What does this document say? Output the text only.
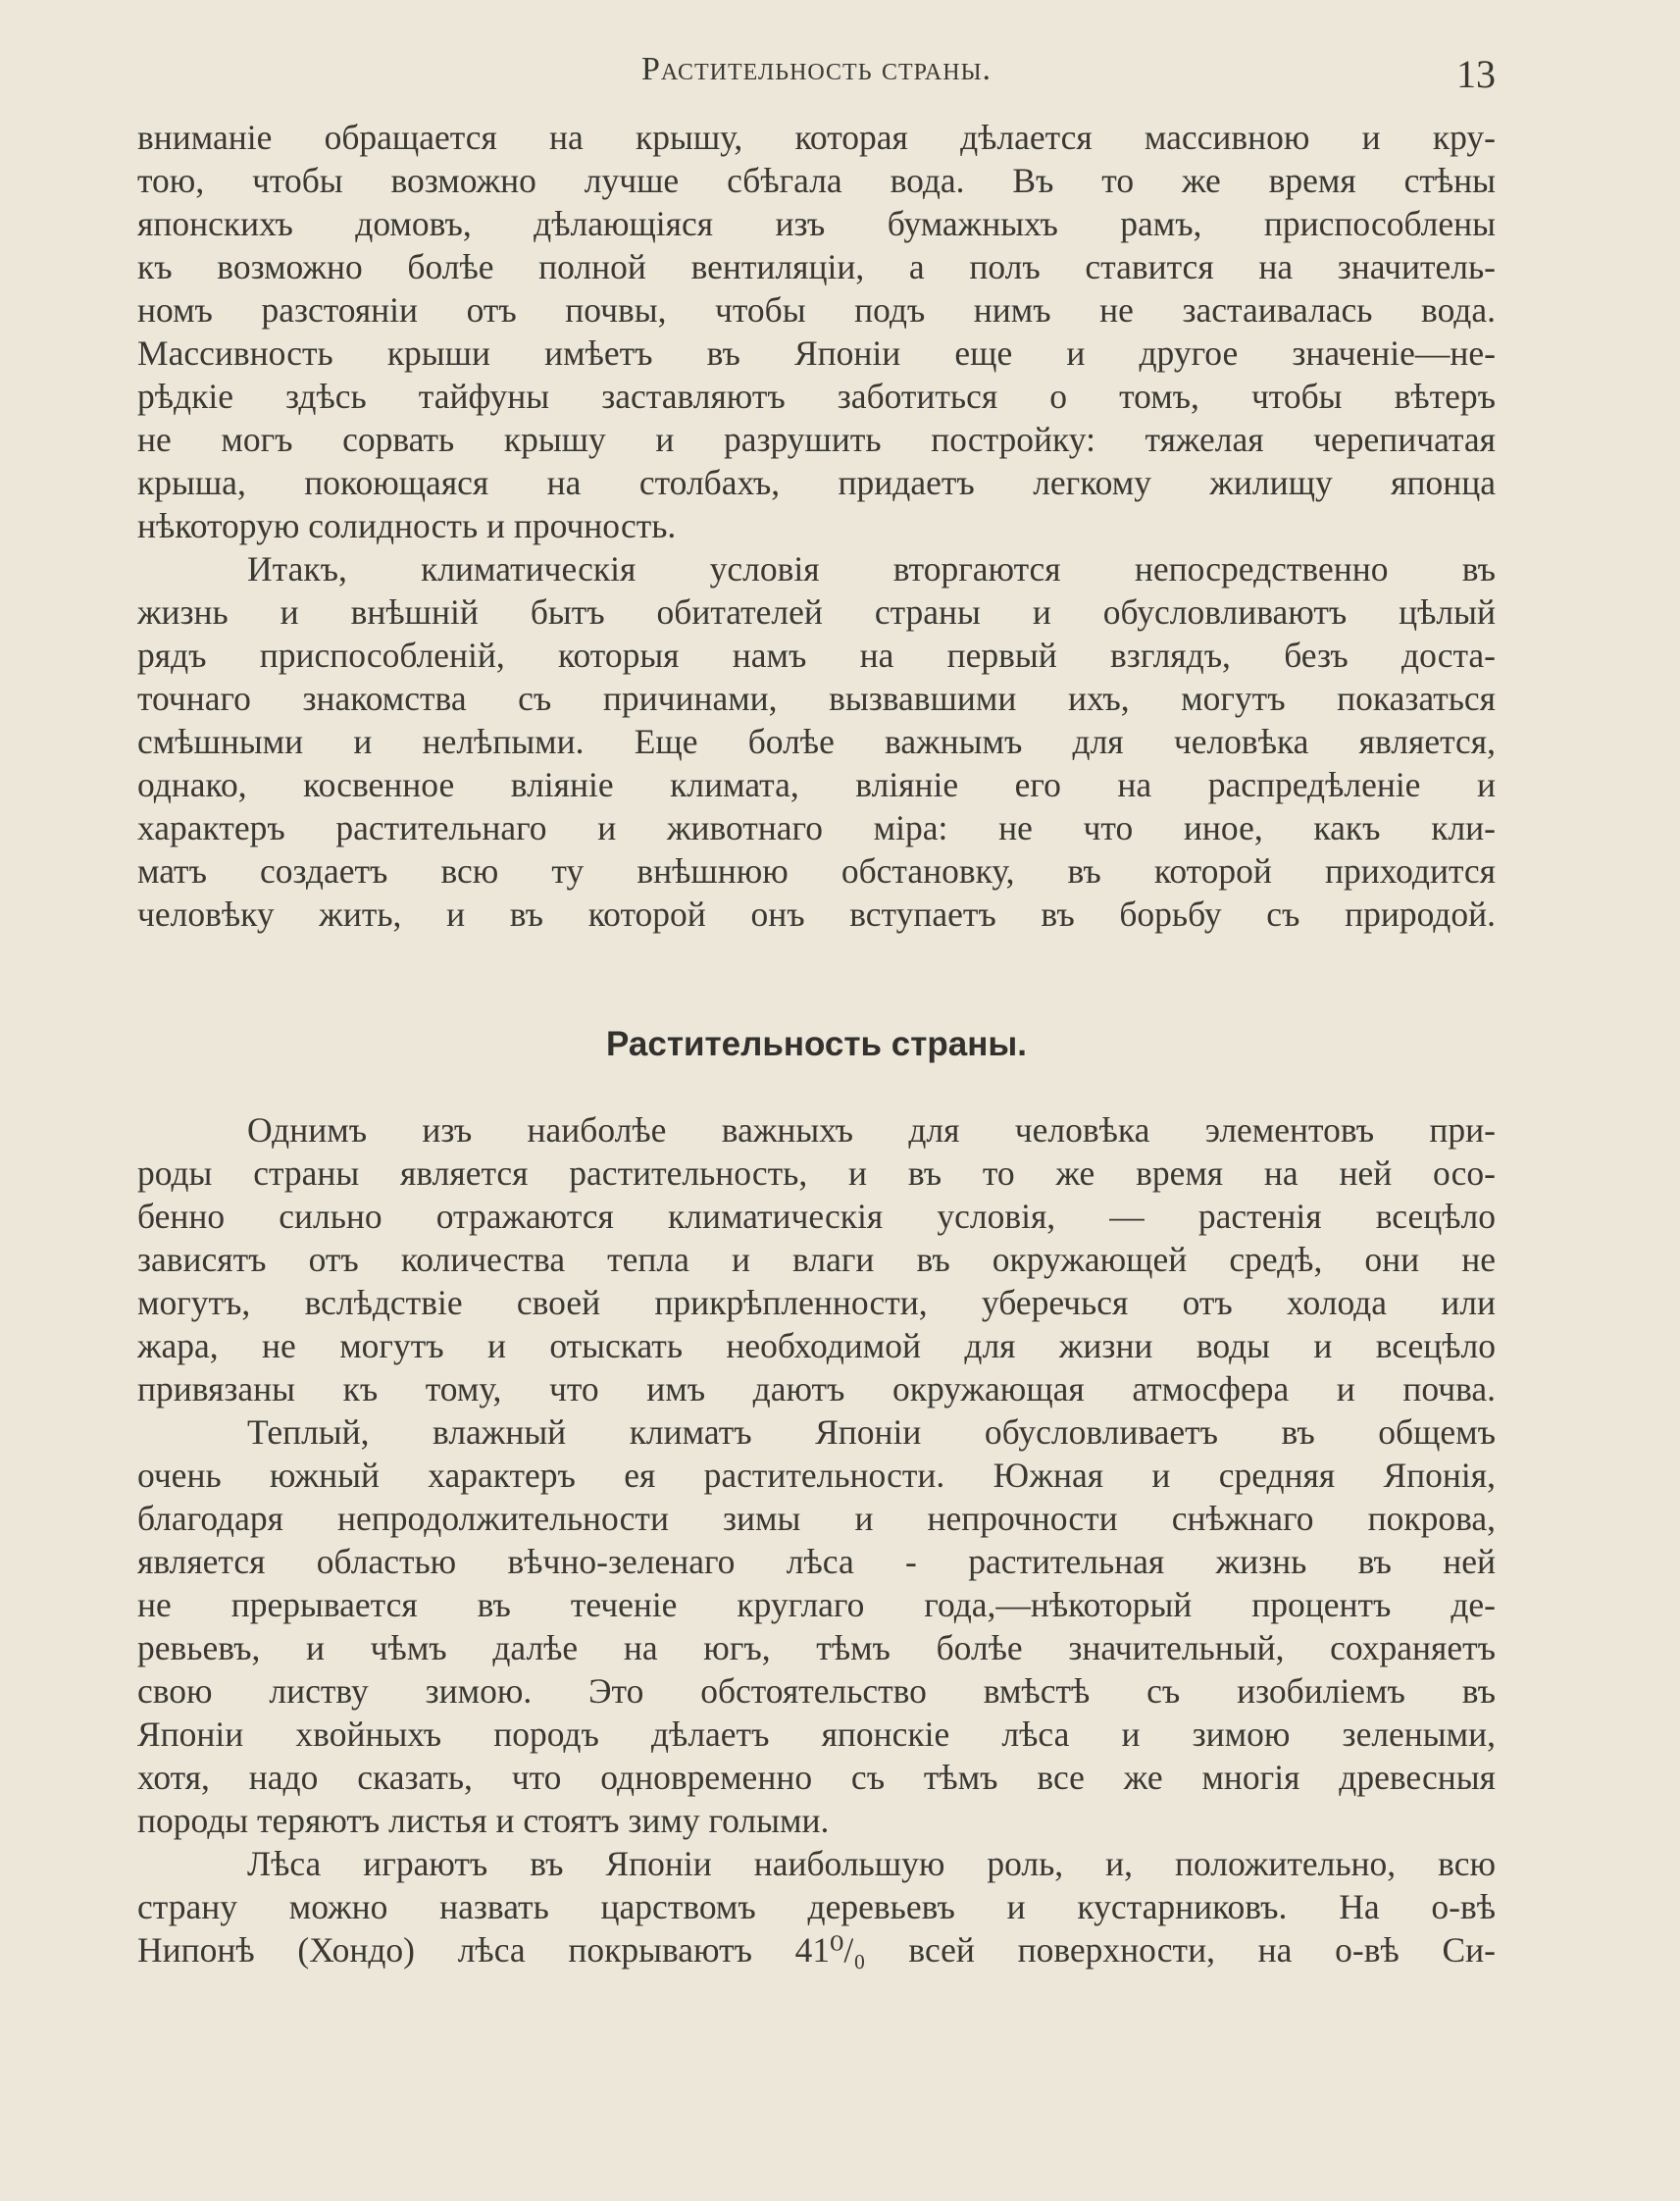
Растительность страны.	13
вниманіе обращается на крышу, которая дѣлается массивною и кру-
тою, чтобы возможно лучше сбѣгала вода. Въ то же время стѣны
японскихъ домовъ, дѣлающіяся изъ бумажныхъ рамъ, приспособлены
къ возможно болѣе полной вентиляціи, а полъ ставится на значитель-
номъ разстояніи отъ почвы, чтобы подъ нимъ не застаивалась вода.
Массивность крыши имѣетъ въ Японіи еще и другое значеніе—не-
рѣдкіе здѣсь тайфуны заставляютъ заботиться о томъ, чтобы вѣтеръ
не могъ сорвать крышу и разрушить постройку: тяжелая черепичатая
крыша, покоющаяся на столбахъ, придаетъ легкому жилищу японца
нѣкоторую солидность и прочность.
Итакъ, климатическія условія вторгаются непосредственно въ
жизнь и внѣшній бытъ обитателей страны и обусловливаютъ цѣлый
рядъ приспособленій, которыя намъ на первый взглядъ, безъ доста-
точнаго знакомства съ причинами, вызвавшими ихъ, могутъ показаться
смѣшными и нелѣпыми. Еще болѣе важнымъ для человѣка является,
однако, косвенное вліяніе климата, вліяніе его на распредѣленіе и
характеръ растительнаго и животнаго міра: не что иное, какъ кли-
матъ создаетъ всю ту внѣшнюю обстановку, въ которой приходится
человѣку жить, и въ которой онъ вступаетъ въ борьбу съ природой.
Растительность страны.
Однимъ изъ наиболѣе важныхъ для человѣка элементовъ при-
роды страны является растительность, и въ то же время на ней осо-
бенно сильно отражаются климатическія условія, — растенія всецѣло
зависятъ отъ количества тепла и влаги въ окружающей средѣ, они не
могутъ, вслѣдствіе своей прикрѣпленности, уберечься отъ холода или
жара, не могутъ и отыскать необходимой для жизни воды и всецѣло
привязаны къ тому, что имъ даютъ окружающая атмосфера и почва.
Теплый, влажный климатъ Японіи обусловливаетъ въ общемъ
очень южный характеръ ея растительности. Южная и средняя Японія,
благодаря непродолжительности зимы и непрочности снѣжнаго покрова,
является областью вѣчно-зеленаго лѣса - растительная жизнь въ ней
не прерывается въ теченіе круглаго года,—нѣкоторый процентъ де-
ревьевъ, и чѣмъ далѣе на югъ, тѣмъ болѣе значительный, сохраняетъ
свою листву зимою. Это обстоятельство вмѣстѣ съ изобиліемъ въ
Японіи хвойныхъ породъ дѣлаетъ японскіе лѣса и зимою зелеными,
хотя, надо сказать, что одновременно съ тѣмъ все же многія древесныя
породы теряютъ листья и стоятъ зиму голыми.
Лѣса играютъ въ Японіи наибольшую роль, и, положительно, всю
страну можно назвать царствомъ деревьевъ и кустарниковъ. На о-вѣ
Нипонѣ (Хондо) лѣса покрываютъ 41⁰/₀ всей поверхности, на о-вѣ Си-
